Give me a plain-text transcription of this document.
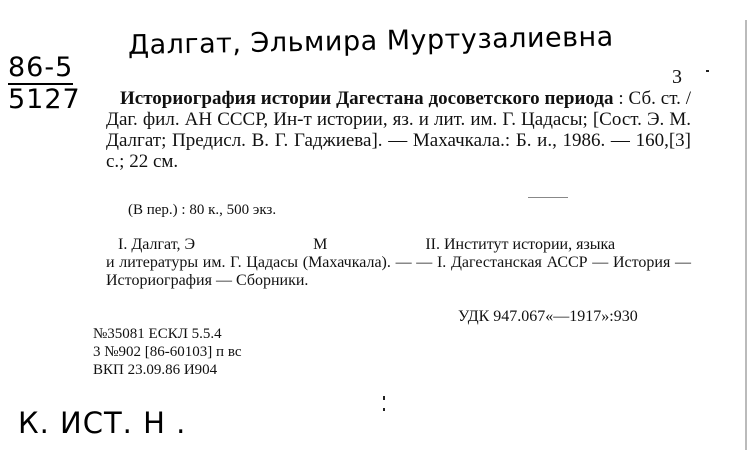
86-5
5127
Далгат, Эльмира Муртузалиевна
3

Историография истории Дагестана досоветского периода : Сб. ст. / Даг. фил. АН СССР, Ин-т истории, яз. и лит. им. Г. Цадасы; [Сост. Э. М. Далгат; Предисл. В. Г. Гаджиева]. — Махачкала.: Б. и., 1986. — 160,[3] с.; 22 см.

(В пер.) : 80 к., 500 экз.

I. Далгат, Э	М	II. Институт истории, языка

и литературы им. Г. Цадасы (Махачкала). — — I. Дагестанская АССР — История — Историография — Сборники.

УДК 947.067«—1917»:930

№35081 ЕСКЛ 5.5.4

3 №902 [86-60103] п вс

ВКП 23.09.86 И904

К. ИСТ. Н .
